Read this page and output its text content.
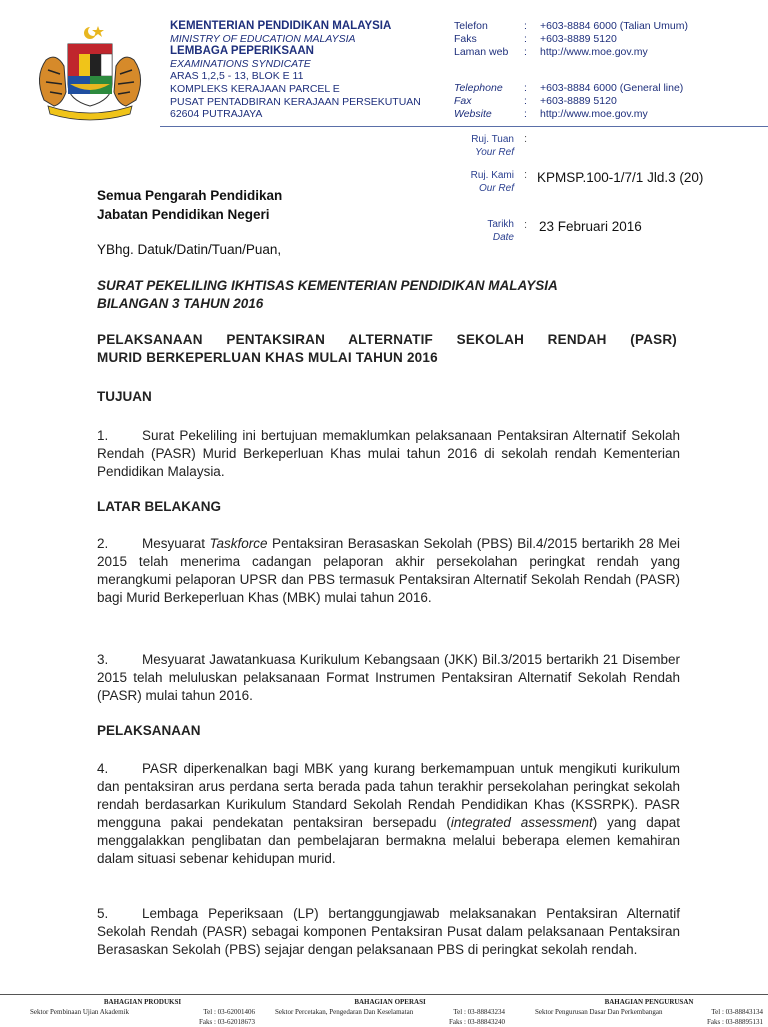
KEMENTERIAN PENDIDIKAN MALAYSIA
MINISTRY OF EDUCATION MALAYSIA
LEMBAGA PEPERIKSAAN
EXAMINATIONS SYNDICATE
ARAS 1,2,5 - 13, BLOK E 11
KOMPLEKS KERAJAAN PARCEL E
PUSAT PENTADBIRAN KERAJAAN PERSEKUTUAN
62604 PUTRAJAYA
Telefon	: +603-8884 6000 (Talian Umum)
Faks	: +603-8889 5120
Laman web	: http://www.moe.gov.my
Telephone	: +603-8884 6000 (General line)
Fax	: +603-8889 5120
Website	: http://www.moe.gov.my
Ruj. Tuan
Your Ref
:
Ruj. Kami
Our Ref
: KPMSP.100-1/7/1 Jld.3 (20)
Tarikh
Date
: 23 Februari 2016
Semua Pengarah Pendidikan
Jabatan Pendidikan Negeri
YBhg. Datuk/Datin/Tuan/Puan,
SURAT PEKELILING IKHTISAS KEMENTERIAN PENDIDIKAN MALAYSIA
BILANGAN 3 TAHUN 2016
PELAKSANAAN PENTAKSIRAN ALTERNATIF SEKOLAH RENDAH (PASR)
MURID BERKEPERLUAN KHAS MULAI TAHUN 2016
TUJUAN
1. Surat Pekeliling ini bertujuan memaklumkan pelaksanaan Pentaksiran Alternatif Sekolah Rendah (PASR) Murid Berkeperluan Khas mulai tahun 2016 di sekolah rendah Kementerian Pendidikan Malaysia.
LATAR BELAKANG
2. Mesyuarat Taskforce Pentaksiran Berasaskan Sekolah (PBS) Bil.4/2015 bertarikh 28 Mei 2015 telah menerima cadangan pelaporan akhir persekolahan peringkat rendah yang merangkumi pelaporan UPSR dan PBS termasuk Pentaksiran Alternatif Sekolah Rendah (PASR) bagi Murid Berkeperluan Khas (MBK) mulai tahun 2016.
3. Mesyuarat Jawatankuasa Kurikulum Kebangsaan (JKK) Bil.3/2015 bertarikh 21 Disember 2015 telah meluluskan pelaksanaan Format Instrumen Pentaksiran Alternatif Sekolah Rendah (PASR) mulai tahun 2016.
PELAKSANAAN
4. PASR diperkenalkan bagi MBK yang kurang berkemampuan untuk mengikuti kurikulum dan pentaksiran arus perdana serta berada pada tahun terakhir persekolahan peringkat sekolah rendah berdasarkan Kurikulum Standard Sekolah Rendah Pendidikan Khas (KSSRPK). PASR mengguna pakai pendekatan pentaksiran bersepadu (integrated assessment) yang dapat menggalakkan penglibatan dan pembelajaran bermakna melalui beberapa elemen kemahiran dalam situasi sebenar kehidupan murid.
5. Lembaga Peperiksaan (LP) bertanggungjawab melaksanakan Pentaksiran Alternatif Sekolah Rendah (PASR) sebagai komponen Pentaksiran Pusat dalam pelaksanaan Pentaksiran Berasaskan Sekolah (PBS) sejajar dengan pelaksanaan PBS di peringkat sekolah rendah.
BAHAGIAN PRODUKSI
Sektor Pembinaan Ujian Akademik	Tel : 03-62001406
Faks : 03-62018673
BAHAGIAN OPERASI
Sektor Percetakan, Pengedaran Dan Keselamatan	Tel : 03-88843234
Faks : 03-88843240
BAHAGIAN PENGURUSAN
Sektor Pengurusan Dasar Dan Perkembangan	Tel : 03-88843134
Faks : 03-88895131
